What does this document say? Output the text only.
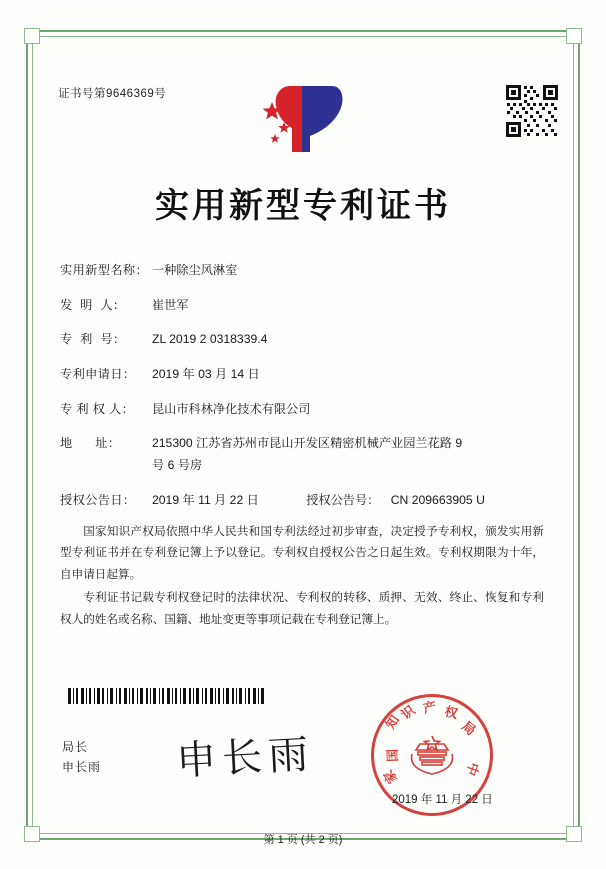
证书号第9646369号
实用新型专利证书
实用新型名称： 一种除尘风淋室
发  明  人：	崔世军
专  利  号：	ZL 2019 2 0318339.4
专利申请日：	2019 年 03 月 14 日
专 利 权 人：	昆山市科林净化技术有限公司
地      址：	215300 江苏省苏州市昆山开发区精密机械产业园兰花路 9
号 6 号房
授权公告日：	2019 年 11 月 22 日	授权公告号： CN 209663905 U

国家知识产权局依照中华人民共和国专利法经过初步审查，决定授予专利权，颁发实用新型专利证书并在专利登记簿上予以登记。专利权自授权公告之日起生效。专利权期限为十年，自申请日起算。

专利证书记载专利权登记时的法律状况、专利权的转移、质押、无效、终止、恢复和专利权人的姓名或名称、国籍、地址变更等事项记载在专利登记簿上。

局长
申长雨 申长雨
知
识 产 权
局
家
国
中
2019 年 11 月 22 日
第 1 页 (共 2 页)
